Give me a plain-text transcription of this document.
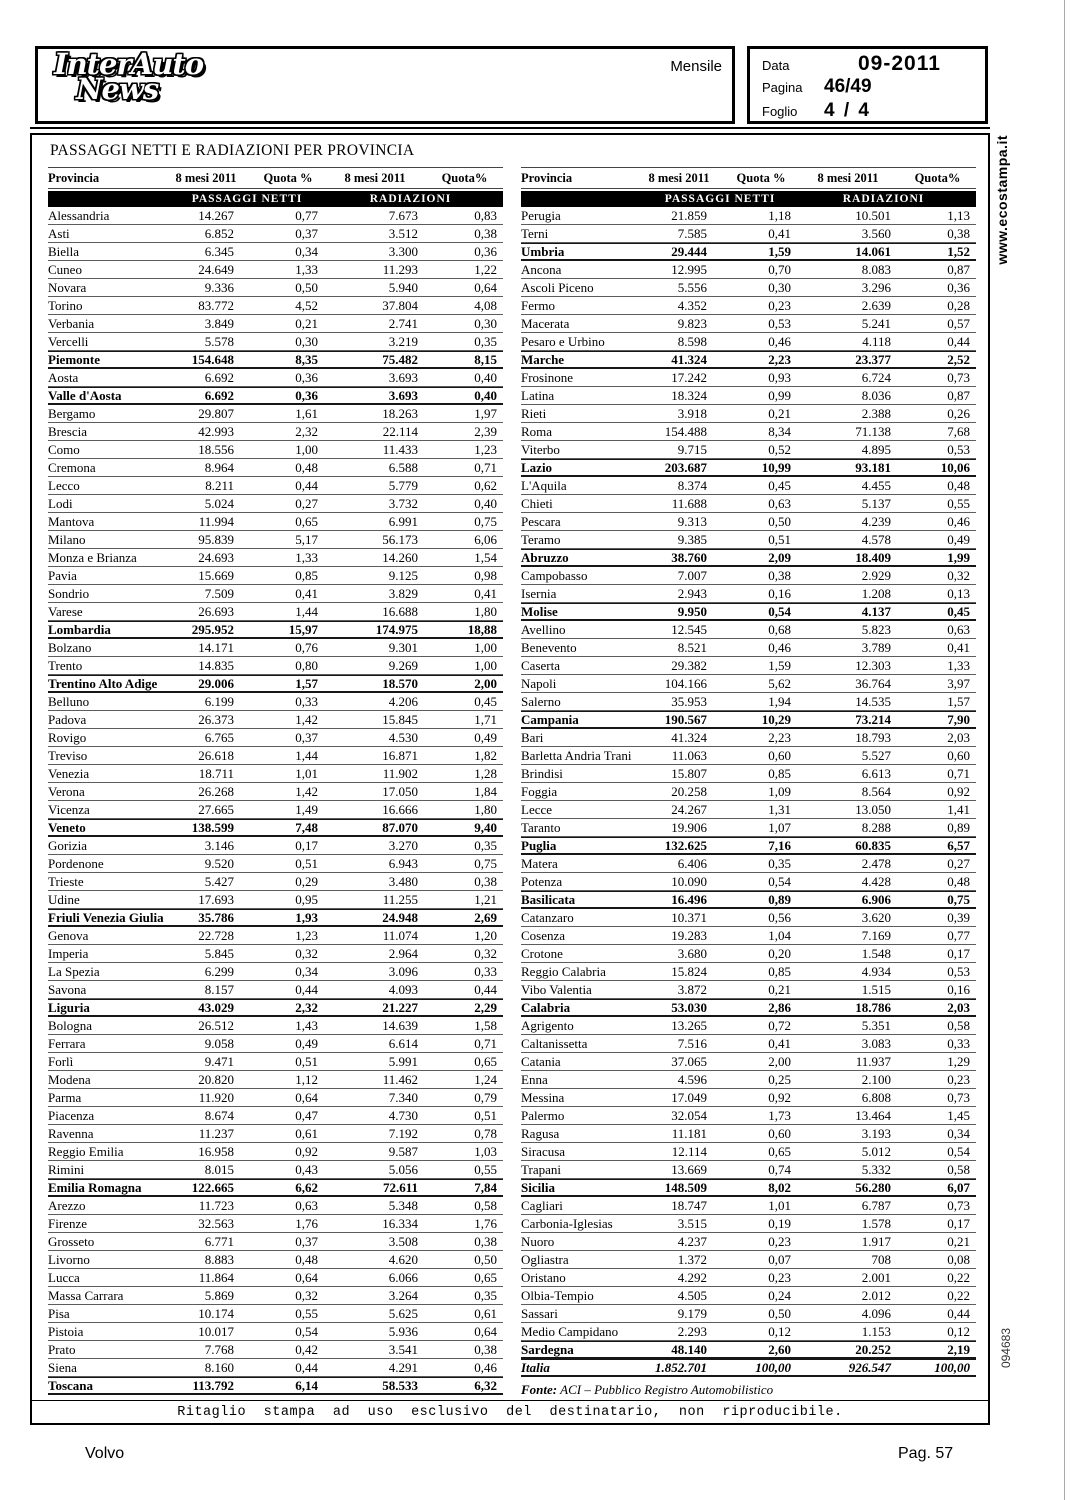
InterAuto
News
Mensile	Data	09-2011
Pagina	46/49
Foglio	4 / 4
PASSAGGI NETTI E RADIAZIONI PER PROVINCIA
Provincia	8 mesi 2011	Quota %	8 mesi 2011	Quota%
PASSAGGI NETTI	RADIAZIONI
Alessandria	14.267	0,77	7.673	0,83
Asti	6.852	0,37	3.512	0,38
Biella	6.345	0,34	3.300	0,36
Cuneo	24.649	1,33	11.293	1,22
Novara	9.336	0,50	5.940	0,64
Torino	83.772	4,52	37.804	4,08
Verbania	3.849	0,21	2.741	0,30
Vercelli	5.578	0,30	3.219	0,35
Piemonte	154.648	8,35	75.482	8,15
Aosta	6.692	0,36	3.693	0,40
Valle d'Aosta	6.692	0,36	3.693	0,40
Bergamo	29.807	1,61	18.263	1,97
Brescia	42.993	2,32	22.114	2,39
Como	18.556	1,00	11.433	1,23
Cremona	8.964	0,48	6.588	0,71
Lecco	8.211	0,44	5.779	0,62
Lodi	5.024	0,27	3.732	0,40
Mantova	11.994	0,65	6.991	0,75
Milano	95.839	5,17	56.173	6,06
Monza e Brianza	24.693	1,33	14.260	1,54
Pavia	15.669	0,85	9.125	0,98
Sondrio	7.509	0,41	3.829	0,41
Varese	26.693	1,44	16.688	1,80
Lombardia	295.952	15,97	174.975	18,88
Bolzano	14.171	0,76	9.301	1,00
Trento	14.835	0,80	9.269	1,00
Trentino Alto Adige	29.006	1,57	18.570	2,00
Belluno	6.199	0,33	4.206	0,45
Padova	26.373	1,42	15.845	1,71
Rovigo	6.765	0,37	4.530	0,49
Treviso	26.618	1,44	16.871	1,82
Venezia	18.711	1,01	11.902	1,28
Verona	26.268	1,42	17.050	1,84
Vicenza	27.665	1,49	16.666	1,80
Veneto	138.599	7,48	87.070	9,40
Gorizia	3.146	0,17	3.270	0,35
Pordenone	9.520	0,51	6.943	0,75
Trieste	5.427	0,29	3.480	0,38
Udine	17.693	0,95	11.255	1,21
Friuli Venezia Giulia	35.786	1,93	24.948	2,69
Genova	22.728	1,23	11.074	1,20
Imperia	5.845	0,32	2.964	0,32
La Spezia	6.299	0,34	3.096	0,33
Savona	8.157	0,44	4.093	0,44
Liguria	43.029	2,32	21.227	2,29
Bologna	26.512	1,43	14.639	1,58
Ferrara	9.058	0,49	6.614	0,71
Forlì	9.471	0,51	5.991	0,65
Modena	20.820	1,12	11.462	1,24
Parma	11.920	0,64	7.340	0,79
Piacenza	8.674	0,47	4.730	0,51
Ravenna	11.237	0,61	7.192	0,78
Reggio Emilia	16.958	0,92	9.587	1,03
Rimini	8.015	0,43	5.056	0,55
Emilia Romagna	122.665	6,62	72.611	7,84
Arezzo	11.723	0,63	5.348	0,58
Firenze	32.563	1,76	16.334	1,76
Grosseto	6.771	0,37	3.508	0,38
Livorno	8.883	0,48	4.620	0,50
Lucca	11.864	0,64	6.066	0,65
Massa Carrara	5.869	0,32	3.264	0,35
Pisa	10.174	0,55	5.625	0,61
Pistoia	10.017	0,54	5.936	0,64
Prato	7.768	0,42	3.541	0,38
Siena	8.160	0,44	4.291	0,46
Toscana	113.792	6,14	58.533	6,32
Provincia	8 mesi 2011	Quota %	8 mesi 2011	Quota%
PASSAGGI NETTI	RADIAZIONI
Perugia	21.859	1,18	10.501	1,13
Terni	7.585	0,41	3.560	0,38
Umbria	29.444	1,59	14.061	1,52
Ancona	12.995	0,70	8.083	0,87
Ascoli Piceno	5.556	0,30	3.296	0,36
Fermo	4.352	0,23	2.639	0,28
Macerata	9.823	0,53	5.241	0,57
Pesaro e Urbino	8.598	0,46	4.118	0,44
Marche	41.324	2,23	23.377	2,52
Frosinone	17.242	0,93	6.724	0,73
Latina	18.324	0,99	8.036	0,87
Rieti	3.918	0,21	2.388	0,26
Roma	154.488	8,34	71.138	7,68
Viterbo	9.715	0,52	4.895	0,53
Lazio	203.687	10,99	93.181	10,06
L'Aquila	8.374	0,45	4.455	0,48
Chieti	11.688	0,63	5.137	0,55
Pescara	9.313	0,50	4.239	0,46
Teramo	9.385	0,51	4.578	0,49
Abruzzo	38.760	2,09	18.409	1,99
Campobasso	7.007	0,38	2.929	0,32
Isernia	2.943	0,16	1.208	0,13
Molise	9.950	0,54	4.137	0,45
Avellino	12.545	0,68	5.823	0,63
Benevento	8.521	0,46	3.789	0,41
Caserta	29.382	1,59	12.303	1,33
Napoli	104.166	5,62	36.764	3,97
Salerno	35.953	1,94	14.535	1,57
Campania	190.567	10,29	73.214	7,90
Bari	41.324	2,23	18.793	2,03
Barletta Andria Trani	11.063	0,60	5.527	0,60
Brindisi	15.807	0,85	6.613	0,71
Foggia	20.258	1,09	8.564	0,92
Lecce	24.267	1,31	13.050	1,41
Taranto	19.906	1,07	8.288	0,89
Puglia	132.625	7,16	60.835	6,57
Matera	6.406	0,35	2.478	0,27
Potenza	10.090	0,54	4.428	0,48
Basilicata	16.496	0,89	6.906	0,75
Catanzaro	10.371	0,56	3.620	0,39
Cosenza	19.283	1,04	7.169	0,77
Crotone	3.680	0,20	1.548	0,17
Reggio Calabria	15.824	0,85	4.934	0,53
Vibo Valentia	3.872	0,21	1.515	0,16
Calabria	53.030	2,86	18.786	2,03
Agrigento	13.265	0,72	5.351	0,58
Caltanissetta	7.516	0,41	3.083	0,33
Catania	37.065	2,00	11.937	1,29
Enna	4.596	0,25	2.100	0,23
Messina	17.049	0,92	6.808	0,73
Palermo	32.054	1,73	13.464	1,45
Ragusa	11.181	0,60	3.193	0,34
Siracusa	12.114	0,65	5.012	0,54
Trapani	13.669	0,74	5.332	0,58
Sicilia	148.509	8,02	56.280	6,07
Cagliari	18.747	1,01	6.787	0,73
Carbonia-Iglesias	3.515	0,19	1.578	0,17
Nuoro	4.237	0,23	1.917	0,21
Ogliastra	1.372	0,07	708	0,08
Oristano	4.292	0,23	2.001	0,22
Olbia-Tempio	4.505	0,24	2.012	0,22
Sassari	9.179	0,50	4.096	0,44
Medio Campidano	2.293	0,12	1.153	0,12
Sardegna	48.140	2,60	20.252	2,19
Italia	1.852.701	100,00	926.547	100,00
Fonte: ACI – Pubblico Registro Automobilistico
Ritaglio stampa ad uso esclusivo del destinatario, non riproducibile.
www.ecostampa.it
094683
Volvo	Pag. 57
